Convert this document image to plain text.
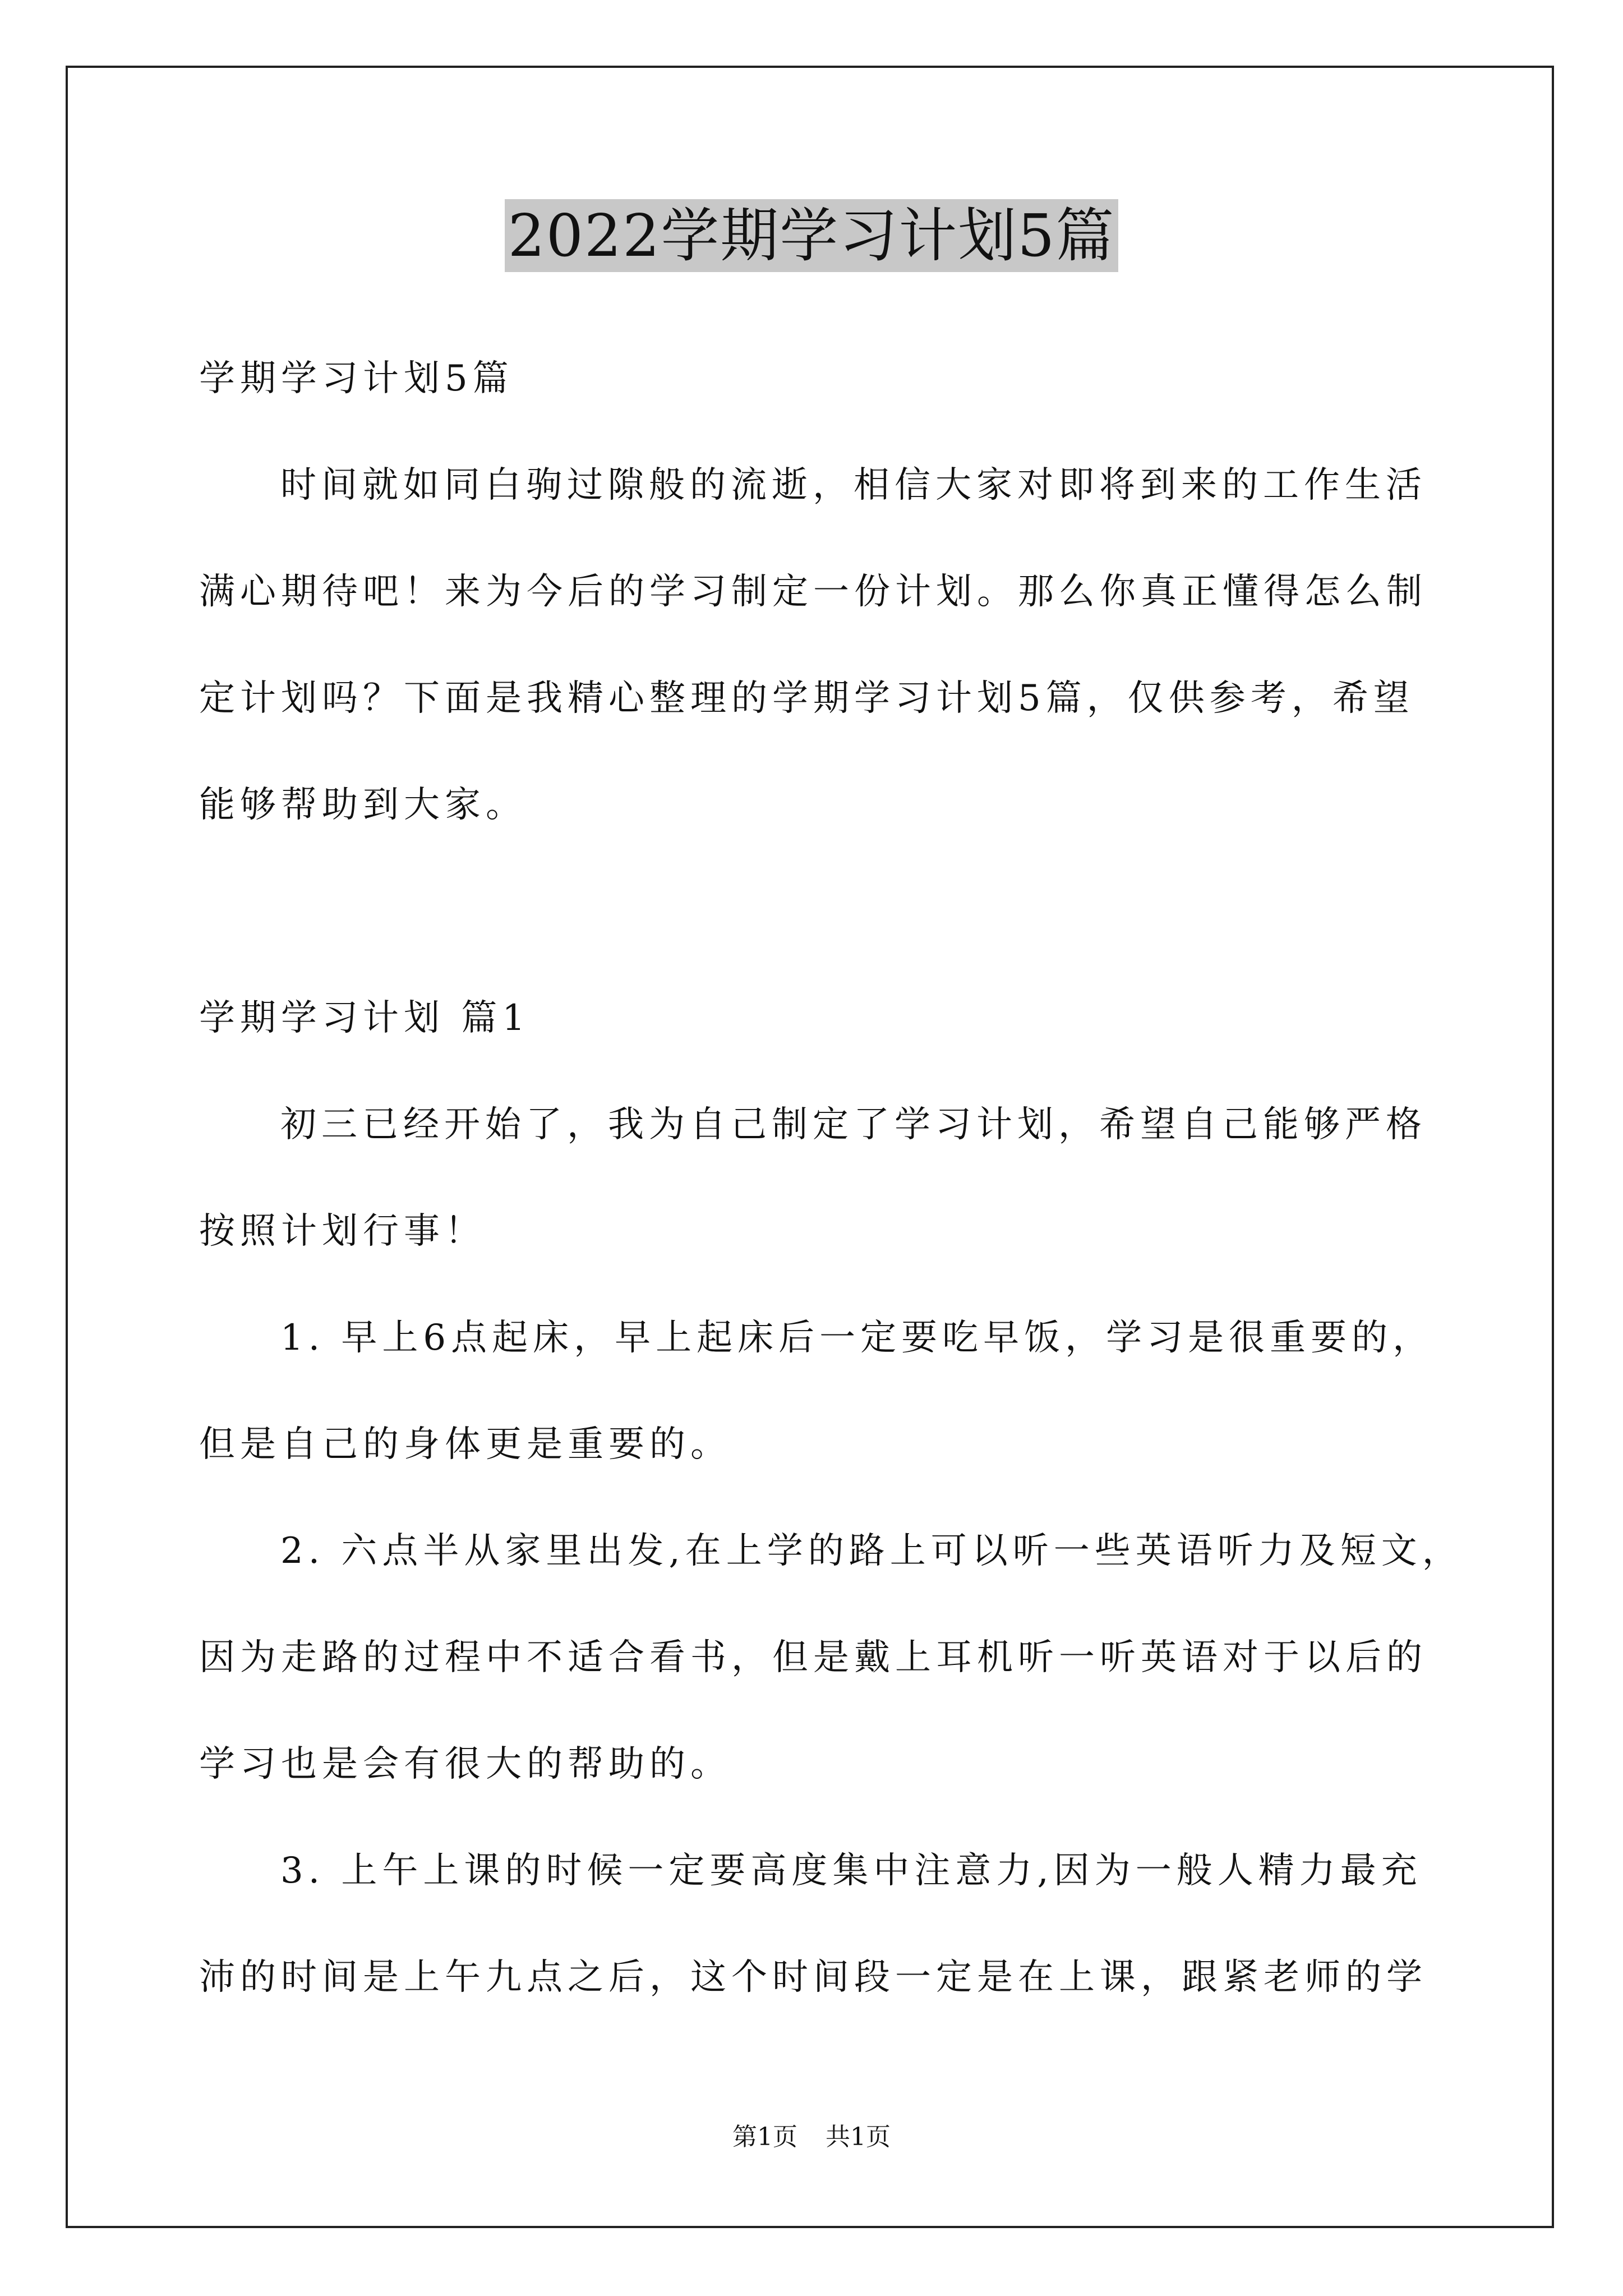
2022学期学习计划5篇
学期学习计划5篇
时间就如同白驹过隙般的流逝，相信大家对即将到来的工作生活
满心期待吧！来为今后的学习制定一份计划。那么你真正懂得怎么制
定计划吗？下面是我精心整理的学期学习计划5篇，仅供参考，希望
能够帮助到大家。
学期学习计划 篇1
初三已经开始了，我为自己制定了学习计划，希望自己能够严格
按照计划行事！
1. 早上6点起床，早上起床后一定要吃早饭，学习是很重要的，
但是自己的身体更是重要的。
2. 六点半从家里出发,在上学的路上可以听一些英语听力及短文，
因为走路的过程中不适合看书，但是戴上耳机听一听英语对于以后的
学习也是会有很大的帮助的。
3. 上午上课的时候一定要高度集中注意力,因为一般人精力最充
沛的时间是上午九点之后，这个时间段一定是在上课，跟紧老师的学
第1页 共1页
